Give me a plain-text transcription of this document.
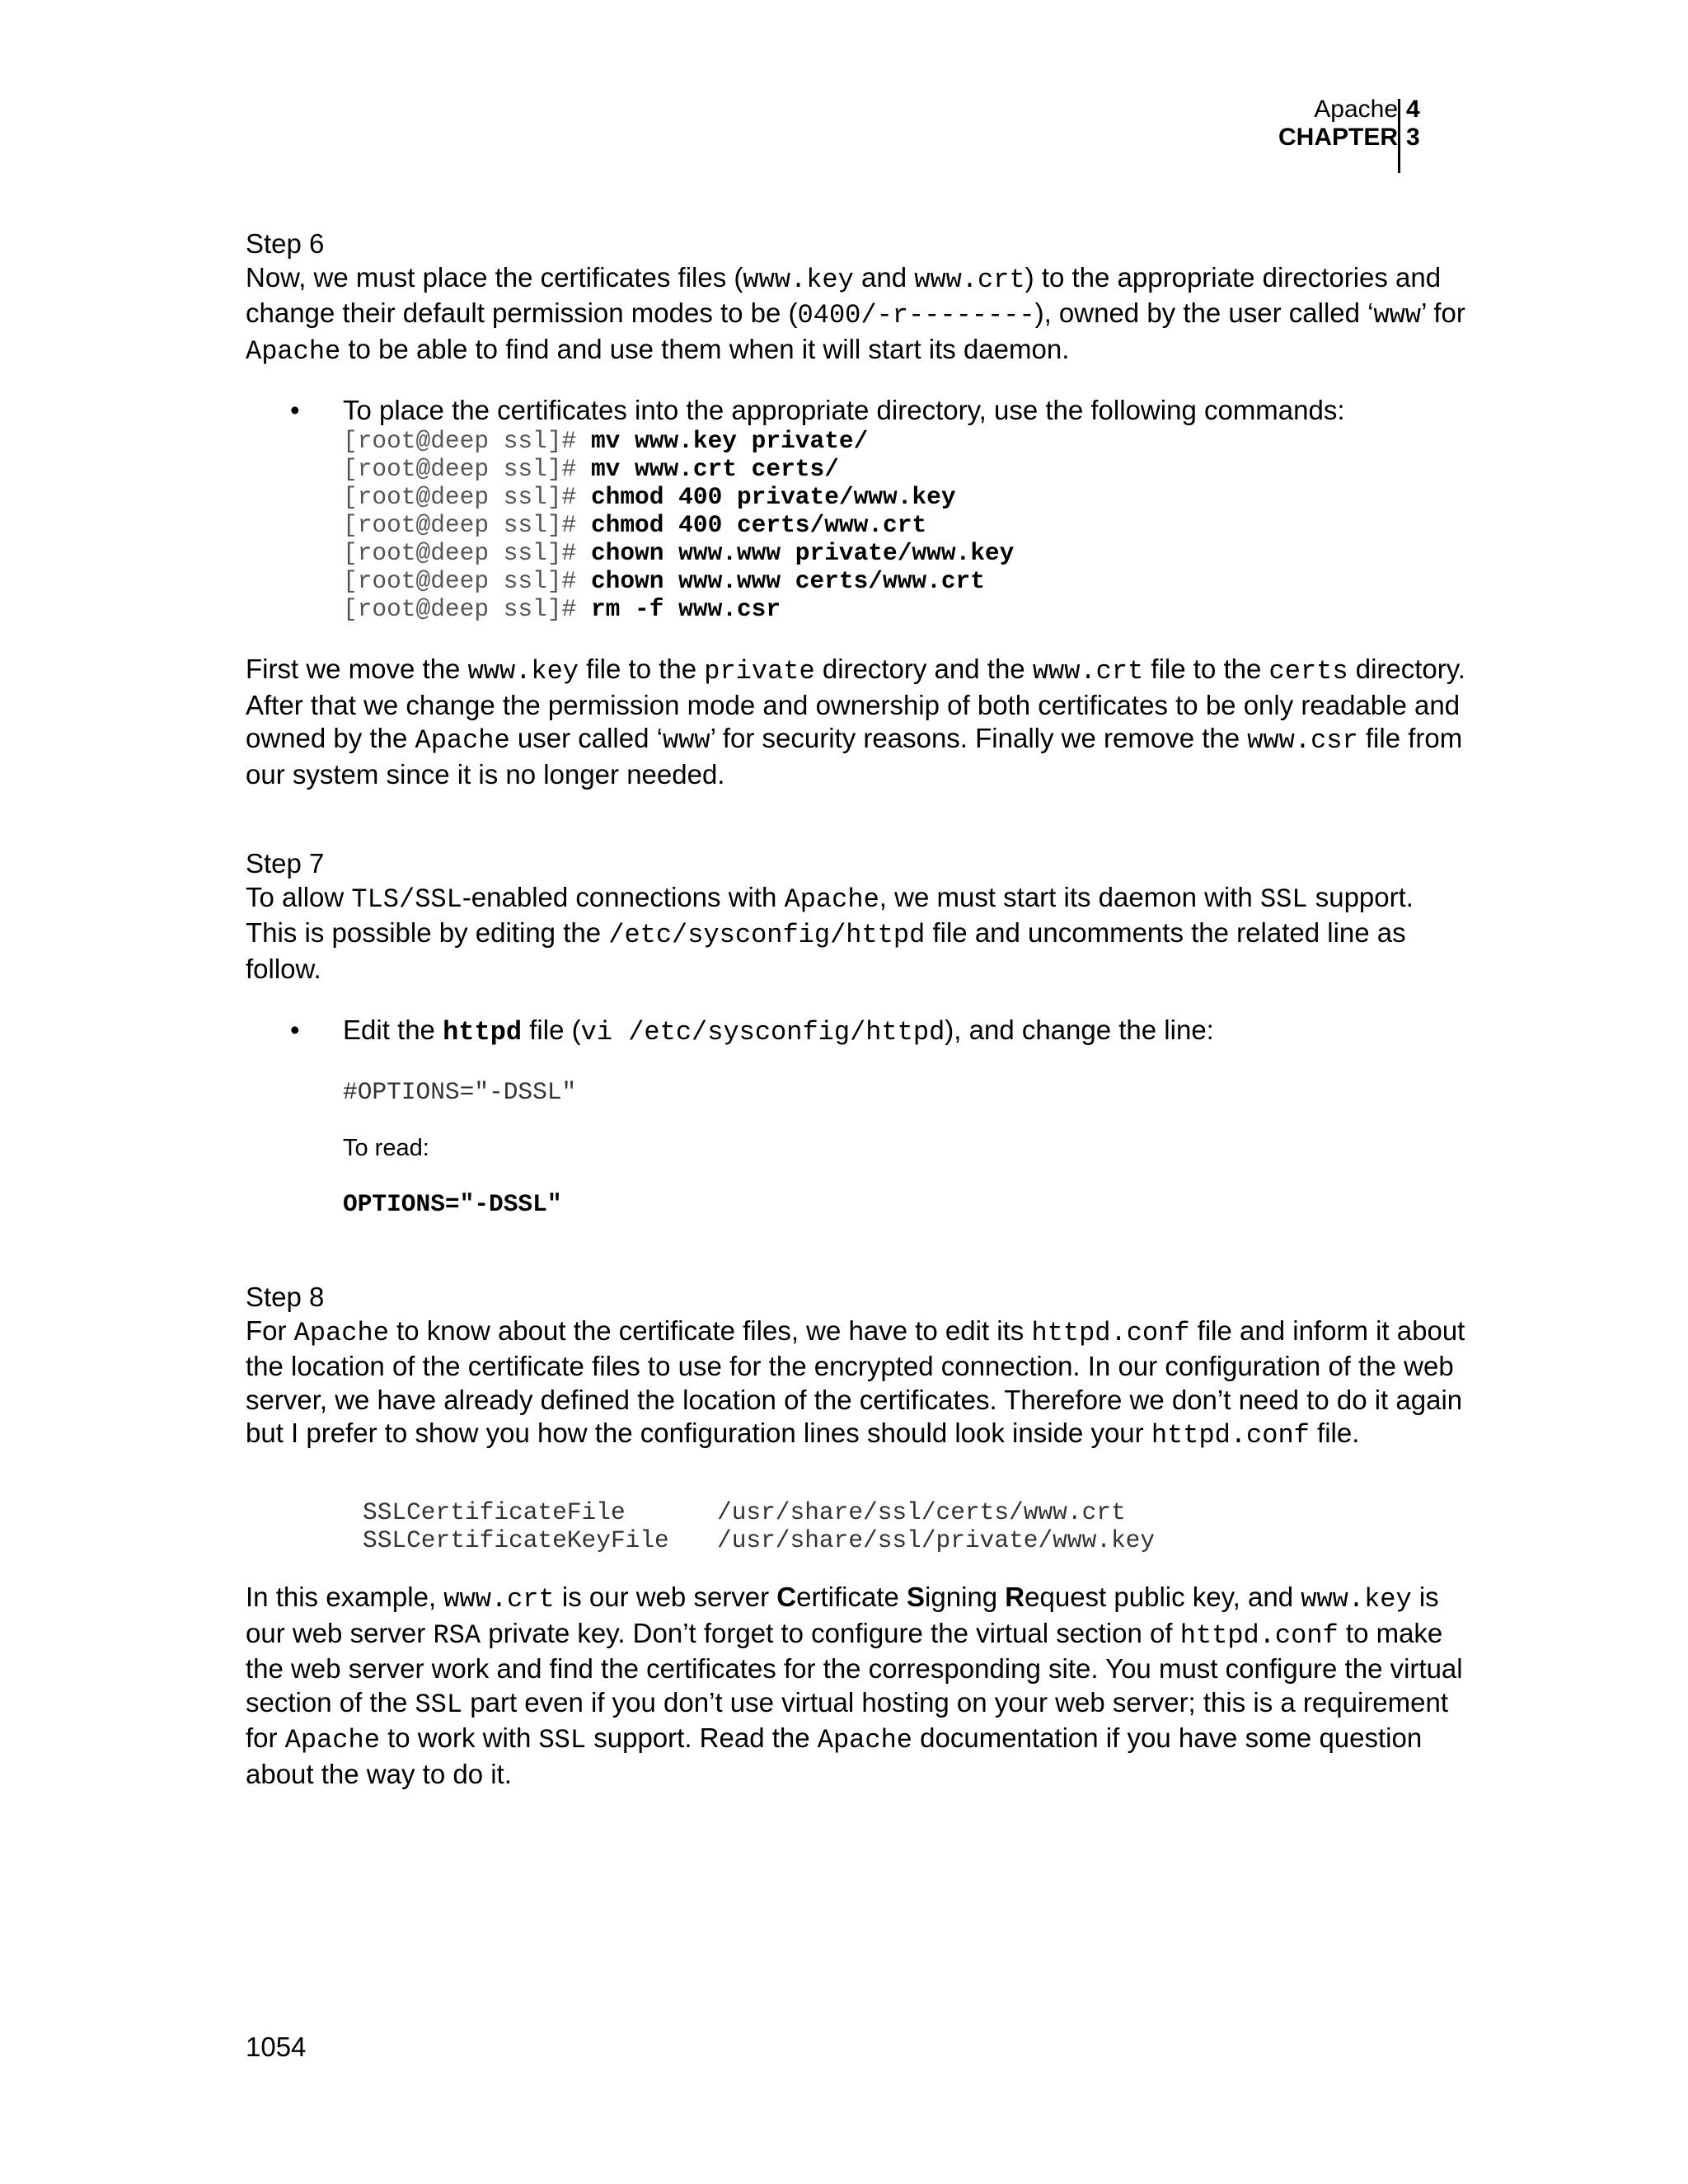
Apache
CHAPTER
4
3

Step 6

Now, we must place the certificates files (www.key and www.crt) to the appropriate directories and change their default permission modes to be (0400/-r--------), owned by the user called ‘www’ for Apache to be able to find and use them when it will start its daemon.

• To place the certificates into the appropriate directory, use the following commands:
[root@deep ssl]# mv www.key private/
[root@deep ssl]# mv www.crt certs/
[root@deep ssl]# chmod 400 private/www.key
[root@deep ssl]# chmod 400 certs/www.crt
[root@deep ssl]# chown www.www private/www.key
[root@deep ssl]# chown www.www certs/www.crt
[root@deep ssl]# rm -f www.csr

First we move the www.key file to the private directory and the www.crt file to the certs directory. After that we change the permission mode and ownership of both certificates to be only readable and owned by the Apache user called ‘www’ for security reasons. Finally we remove the www.csr file from our system since it is no longer needed.

Step 7

To allow TLS/SSL-enabled connections with Apache, we must start its daemon with SSL support. This is possible by editing the /etc/sysconfig/httpd file and uncomments the related line as follow.

• Edit the httpd file (vi /etc/sysconfig/httpd), and change the line:
#OPTIONS="-DSSL"
To read:
OPTIONS="-DSSL"

Step 8

For Apache to know about the certificate files, we have to edit its httpd.conf file and inform it about the location of the certificate files to use for the encrypted connection. In our configuration of the web server, we have already defined the location of the certificates. Therefore we don’t need to do it again but I prefer to show you how the configuration lines should look inside your httpd.conf file.

SSLCertificateFile	/usr/share/ssl/certs/www.crt
SSLCertificateKeyFile /usr/share/ssl/private/www.key

In this example, www.crt is our web server Certificate Signing Request public key, and www.key is our web server RSA private key. Don’t forget to configure the virtual section of httpd.conf to make the web server work and find the certificates for the corresponding site. You must configure the virtual section of the SSL part even if you don’t use virtual hosting on your web server; this is a requirement for Apache to work with SSL support. Read the Apache documentation if you have some question about the way to do it.

1054
